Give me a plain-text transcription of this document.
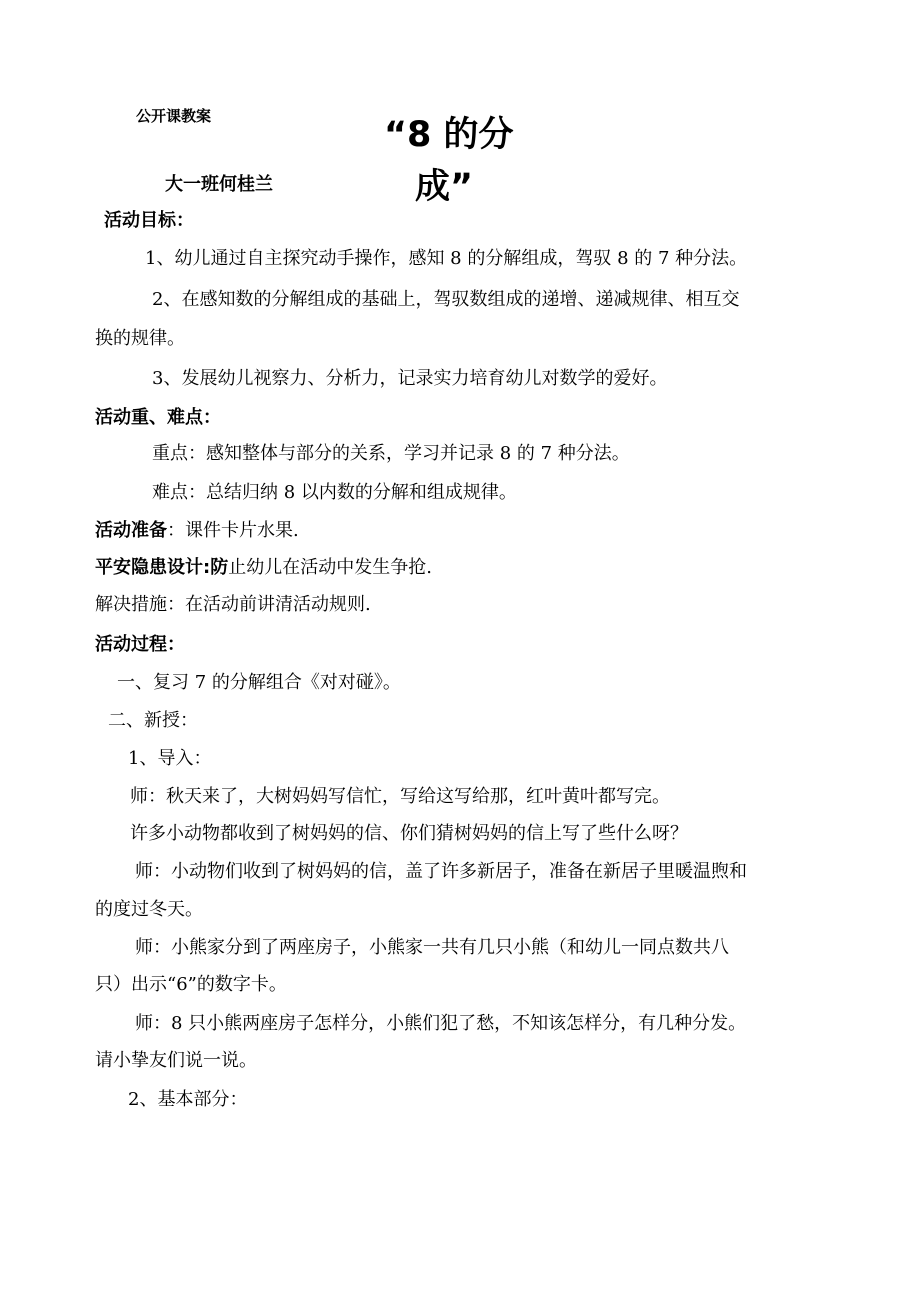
公开课教案	“8 的分
成”
大一班何桂兰
活动目标：
1、幼儿通过自主探究动手操作，感知 8 的分解组成，驾驭 8 的 7 种分法。
2、在感知数的分解组成的基础上，驾驭数组成的递增、递减规律、相互交
换的规律。
3、发展幼儿视察力、分析力，记录实力培育幼儿对数学的爱好。
活动重、难点：
重点：感知整体与部分的关系，学习并记录 8 的 7 种分法。
难点：总结归纳 8 以内数的分解和组成规律。
活动准备：课件卡片水果.
平安隐患设计:防止幼儿在活动中发生争抢.
解决措施：在活动前讲清活动规则.
活动过程：
一、复习 7 的分解组合《对对碰》。
二、新授：
1、导入：
师：秋天来了，大树妈妈写信忙，写给这写给那，红叶黄叶都写完。
许多小动物都收到了树妈妈的信、你们猜树妈妈的信上写了些什么呀？
师：小动物们收到了树妈妈的信，盖了许多新居子，准备在新居子里暖温煦和
的度过冬天。
师：小熊家分到了两座房子，小熊家一共有几只小熊（和幼儿一同点数共八
只）出示“6”的数字卡。
师：8 只小熊两座房子怎样分，小熊们犯了愁，不知该怎样分，有几种分发。
请小挚友们说一说。
2、基本部分：
